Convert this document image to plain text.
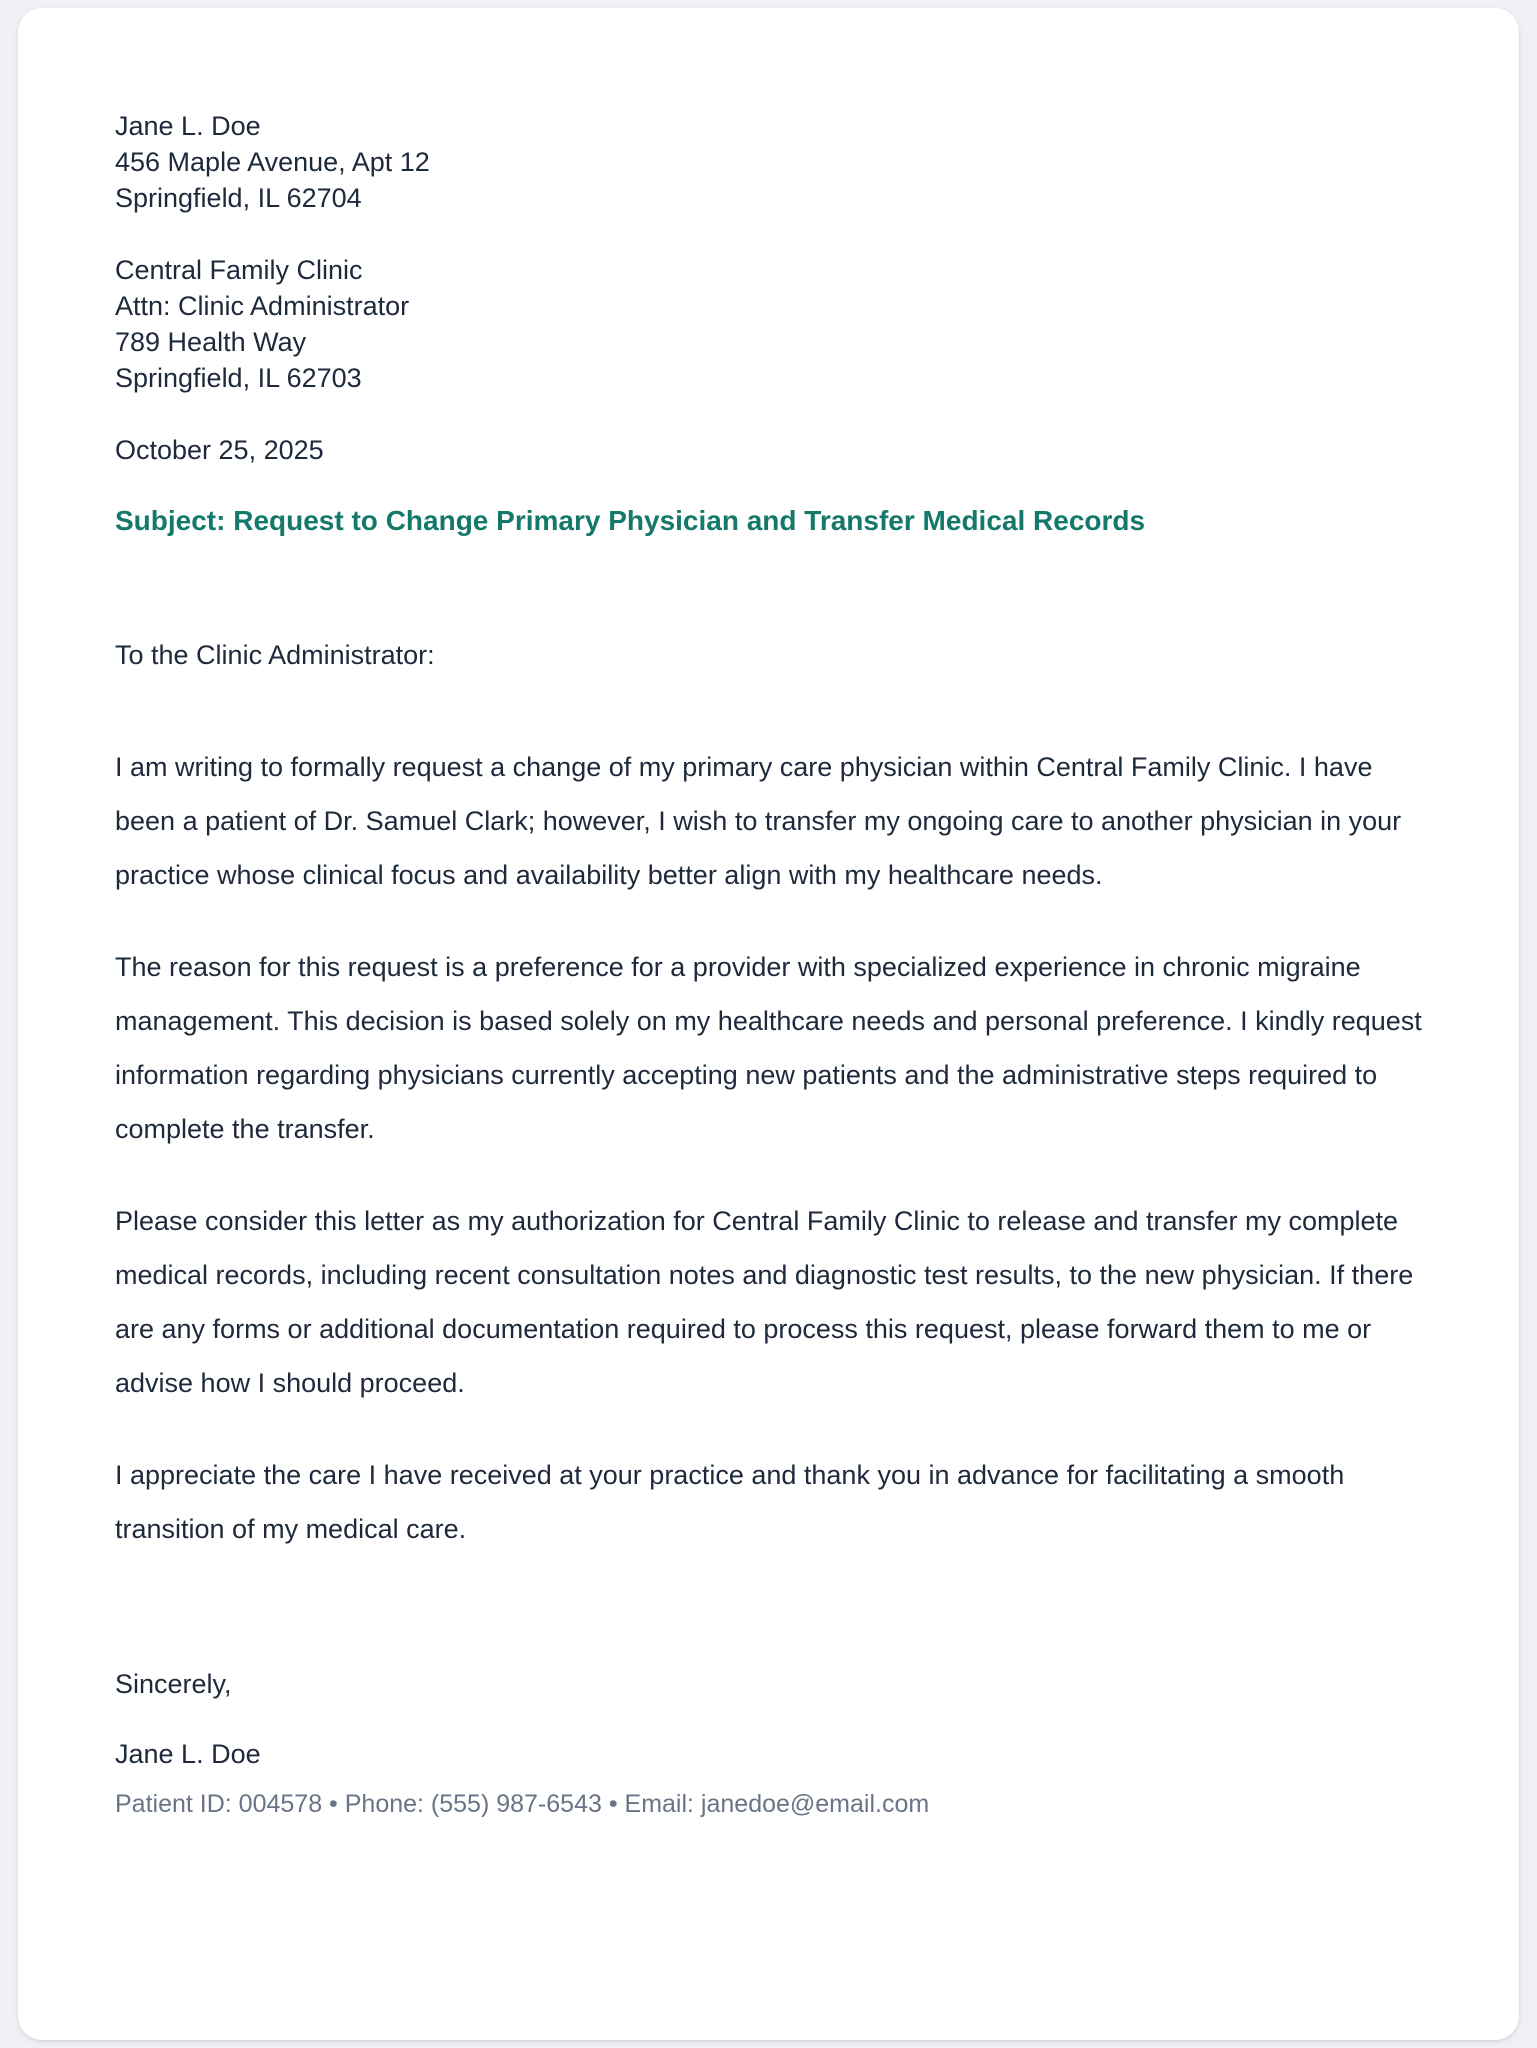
Jane L. Doe
456 Maple Avenue, Apt 12
Springfield, IL 62704
Central Family Clinic
Attn: Clinic Administrator
789 Health Way
Springfield, IL 62703

October 25, 2025

Subject: Request to Change Primary Physician and Transfer Medical Records

To the Clinic Administrator:

I am writing to formally request a change of my primary care physician within Central Family Clinic. I have been a patient of Dr. Samuel Clark; however, I wish to transfer my ongoing care to another physician in your practice whose clinical focus and availability better align with my healthcare needs.

The reason for this request is a preference for a provider with specialized experience in chronic migraine management. This decision is based solely on my healthcare needs and personal preference. I kindly request information regarding physicians currently accepting new patients and the administrative steps required to complete the transfer.

Please consider this letter as my authorization for Central Family Clinic to release and transfer my complete medical records, including recent consultation notes and diagnostic test results, to the new physician. If there are any forms or additional documentation required to process this request, please forward them to me or advise how I should proceed.

I appreciate the care I have received at your practice and thank you in advance for facilitating a smooth transition of my medical care.

Sincerely,

Jane L. Doe

Patient ID: 004578 • Phone: (555) 987-6543 • Email: janedoe@email.com
